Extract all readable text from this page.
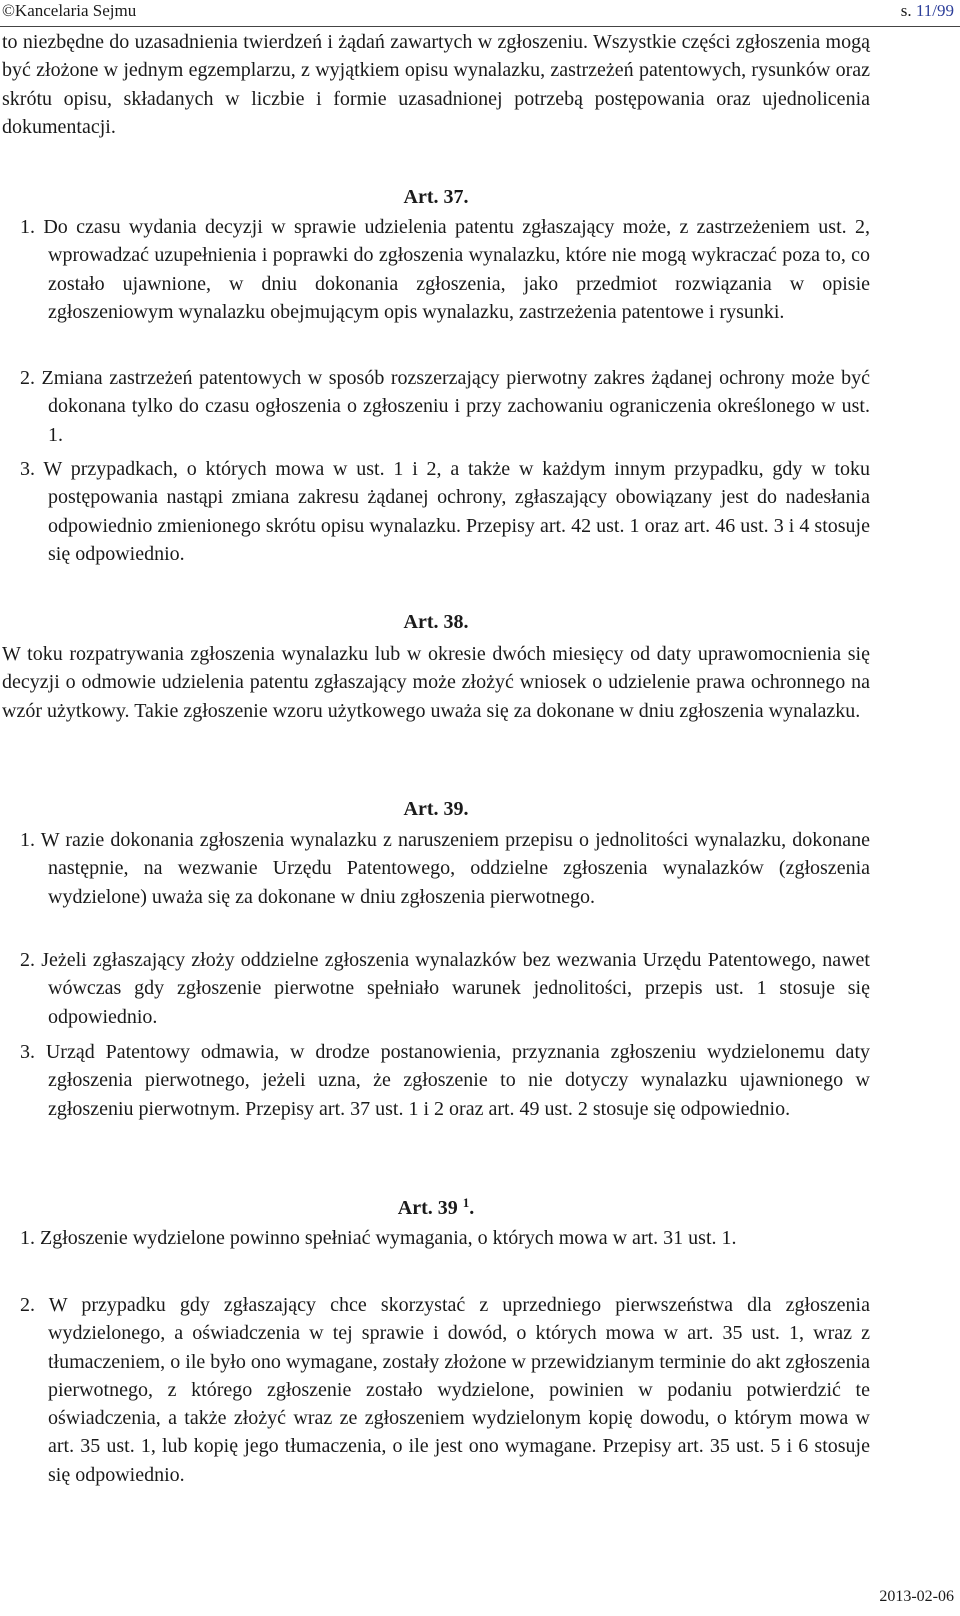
©Kancelaria Sejmu	s. 11/99
to niezbędne do uzasadnienia twierdzeń i żądań zawartych w zgłoszeniu. Wszystkie części zgłoszenia mogą być złożone w jednym egzemplarzu, z wyjątkiem opisu wynalazku, zastrzeżeń patentowych, rysunków oraz skrótu opisu, składanych w liczbie i formie uzasadnionej potrzebą postępowania oraz ujednolicenia dokumentacji.
Art. 37.
1. Do czasu wydania decyzji w sprawie udzielenia patentu zgłaszający może, z zastrzeżeniem ust. 2, wprowadzać uzupełnienia i poprawki do zgłoszenia wynalazku, które nie mogą wykraczać poza to, co zostało ujawnione, w dniu dokonania zgłoszenia, jako przedmiot rozwiązania w opisie zgłoszeniowym wynalazku obejmującym opis wynalazku, zastrzeżenia patentowe i rysunki.
2. Zmiana zastrzeżeń patentowych w sposób rozszerzający pierwotny zakres żądanej ochrony może być dokonana tylko do czasu ogłoszenia o zgłoszeniu i przy zachowaniu ograniczenia określonego w ust. 1.
3. W przypadkach, o których mowa w ust. 1 i 2, a także w każdym innym przypadku, gdy w toku postępowania nastąpi zmiana zakresu żądanej ochrony, zgłaszający obowiązany jest do nadesłania odpowiednio zmienionego skrótu opisu wynalazku. Przepisy art. 42 ust. 1 oraz art. 46 ust. 3 i 4 stosuje się odpowiednio.
Art. 38.
W toku rozpatrywania zgłoszenia wynalazku lub w okresie dwóch miesięcy od daty uprawomocnienia się decyzji o odmowie udzielenia patentu zgłaszający może złożyć wniosek o udzielenie prawa ochronnego na wzór użytkowy. Takie zgłoszenie wzoru użytkowego uważa się za dokonane w dniu zgłoszenia wynalazku.
Art. 39.
1. W razie dokonania zgłoszenia wynalazku z naruszeniem przepisu o jednolitości wynalazku, dokonane następnie, na wezwanie Urzędu Patentowego, oddzielne zgłoszenia wynalazków (zgłoszenia wydzielone) uważa się za dokonane w dniu zgłoszenia pierwotnego.
2. Jeżeli zgłaszający złoży oddzielne zgłoszenia wynalazków bez wezwania Urzędu Patentowego, nawet wówczas gdy zgłoszenie pierwotne spełniało warunek jednolitości, przepis ust. 1 stosuje się odpowiednio.
3. Urząd Patentowy odmawia, w drodze postanowienia, przyznania zgłoszeniu wydzielonemu daty zgłoszenia pierwotnego, jeżeli uzna, że zgłoszenie to nie dotyczy wynalazku ujawnionego w zgłoszeniu pierwotnym. Przepisy art. 37 ust. 1 i 2 oraz art. 49 ust. 2 stosuje się odpowiednio.
Art. 39 $^1$.
1. Zgłoszenie wydzielone powinno spełniać wymagania, o których mowa w art. 31 ust. 1.
2. W przypadku gdy zgłaszający chce skorzystać z uprzedniego pierwszeństwa dla zgłoszenia wydzielonego, a oświadczenia w tej sprawie i dowód, o których mowa w art. 35 ust. 1, wraz z tłumaczeniem, o ile było ono wymagane, zostały złożone w przewidzianym terminie do akt zgłoszenia pierwotnego, z którego zgłoszenie zostało wydzielone, powinien w podaniu potwierdzić te oświadczenia, a także złożyć wraz ze zgłoszeniem wydzielonym kopię dowodu, o którym mowa w art. 35 ust. 1, lub kopię jego tłumaczenia, o ile jest ono wymagane. Przepisy art. 35 ust. 5 i 6 stosuje się odpowiednio.
2013-02-06
